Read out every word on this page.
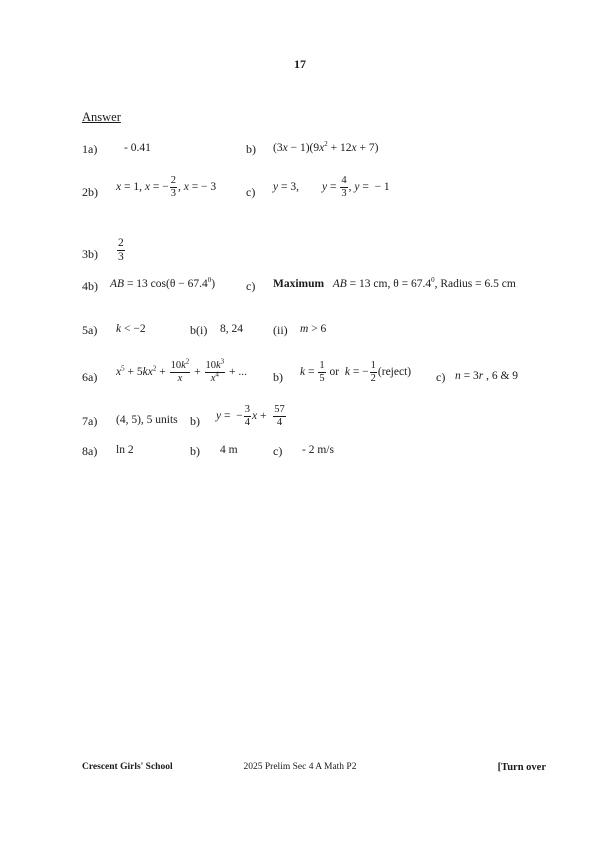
17
Answer
1a) - 0.41	b) $(3x - 1)(9x^2 + 12x + 7)$
2b) x = 1, x = − $\frac{2}{3}$ , x = − 3 c) y = 3,        $y = \frac{4}{3}$ , y =  − 1
$3b) \frac{2}{3}$
4b) AB = 13 $\cos(\theta - 67.4^0)$	c) Maximum AB = 13 cm, $\theta = 67.4^0$, Radius = 6.5 cm
5a) k < −2	b(i) 8, 24	(ii) m > 6
6a) $x^5 + 5kx^2 + \frac{10k^2}{x} + \frac{10k^3}{x^4}$ + ... b) $k = \frac{1}{5}$ or  k = − $\frac{1}{2}$ (reject) c) n = 3r , 6 & 9
7a) (4, 5), 5 units b) y =  − $\frac{3}{4}$ $x + \frac{57}{4}$
8a) ln 2	b) 4 m	c) - 2 m/s
Crescent Girls' School	2025 Prelim Sec 4 A Math P2	[Turn over
